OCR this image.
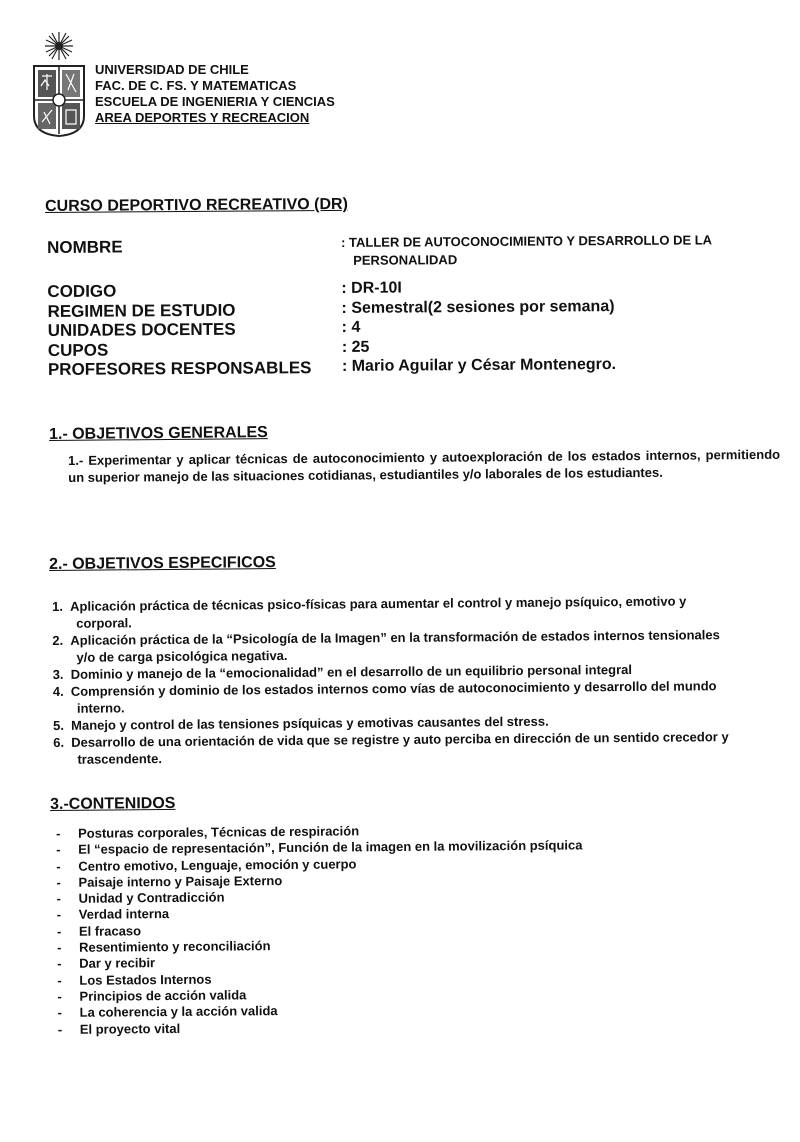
UNIVERSIDAD DE CHILE
FAC. DE C. FS. Y MATEMATICAS
ESCUELA DE INGENIERIA Y CIENCIAS
AREA DEPORTES Y RECREACION
CURSO DEPORTIVO RECREATIVO (DR)
NOMBRE	: TALLER DE AUTOCONOCIMIENTO Y DESARROLLO DE LA
PERSONALIDAD
CODIGO	: DR-10I
REGIMEN DE ESTUDIO	: Semestral(2 sesiones por semana)
UNIDADES DOCENTES	: 4
CUPOS	: 25
PROFESORES RESPONSABLES	: Mario Aguilar y César Montenegro.
1.- OBJETIVOS GENERALES
1.- Experimentar y aplicar técnicas de autoconocimiento y autoexploración de los estados internos, permitiendo un superior manejo de las situaciones cotidianas, estudiantiles y/o laborales de los estudiantes.
2.- OBJETIVOS ESPECIFICOS
1. Aplicación práctica de técnicas psico-físicas para aumentar el control y manejo psíquico, emotivo y
corporal.
2. Aplicación práctica de la “Psicología de la Imagen” en la transformación de estados internos tensionales
y/o de carga psicológica negativa.
3. Dominio y manejo de la “emocionalidad” en el desarrollo de un equilibrio personal integral
4. Comprensión y dominio de los estados internos como vías de autoconocimiento y desarrollo del mundo
interno.
5. Manejo y control de las tensiones psíquicas y emotivas causantes del stress.
6. Desarrollo de una orientación de vida que se registre y auto perciba en dirección de un sentido crecedor y
trascendente.
3.-CONTENIDOS
- Posturas corporales, Técnicas de respiración
- El “espacio de representación”, Función de la imagen en la movilización psíquica
- Centro emotivo, Lenguaje, emoción y cuerpo
- Paisaje interno y Paisaje Externo
- Unidad y Contradicción
- Verdad interna
- El fracaso
- Resentimiento y reconciliación
- Dar y recibir
- Los Estados Internos
- Principios de acción valida
- La coherencia y la acción valida
- El proyecto vital
